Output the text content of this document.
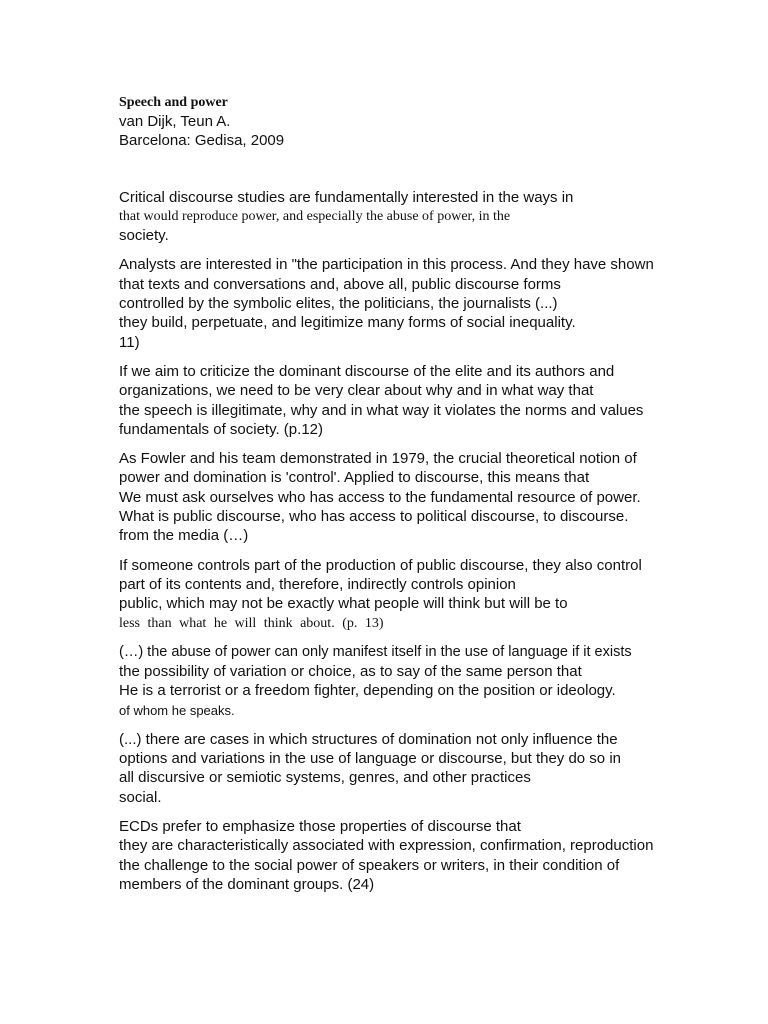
Speech and power
van Dijk, Teun A.
Barcelona: Gedisa, 2009
Critical discourse studies are fundamentally interested in the ways in
that would reproduce power, and especially the abuse of power, in the
society.
Analysts are interested in "the participation in this process. And they have shown
that texts and conversations and, above all, public discourse forms
controlled by the symbolic elites, the politicians, the journalists (...)
they build, perpetuate, and legitimize many forms of social inequality.
11)
If we aim to criticize the dominant discourse of the elite and its authors and
organizations, we need to be very clear about why and in what way that
the speech is illegitimate, why and in what way it violates the norms and values
fundamentals of society. (p.12)
As Fowler and his team demonstrated in 1979, the crucial theoretical notion of
power and domination is 'control'. Applied to discourse, this means that
We must ask ourselves who has access to the fundamental resource of power.
What is public discourse, who has access to political discourse, to discourse.
from the media (…)
If someone controls part of the production of public discourse, they also control
part of its contents and, therefore, indirectly controls opinion
public, which may not be exactly what people will think but will be to
less than what he will think about. (p. 13)
(…) the abuse of power can only manifest itself in the use of language if it exists
the possibility of variation or choice, as to say of the same person that
He is a terrorist or a freedom fighter, depending on the position or ideology.
of whom he speaks.
(...) there are cases in which structures of domination not only influence the
options and variations in the use of language or discourse, but they do so in
all discursive or semiotic systems, genres, and other practices
social.
ECDs prefer to emphasize those properties of discourse that
they are characteristically associated with expression, confirmation, reproduction
the challenge to the social power of speakers or writers, in their condition of
members of the dominant groups. (24)
